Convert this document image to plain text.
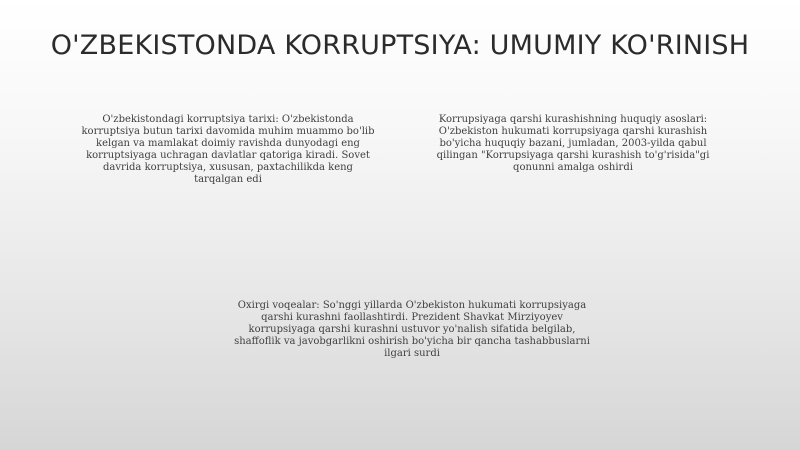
O'ZBEKISTONDA KORRUPTSIYA: UMUMIY KO'RINISH

O'zbekistondagi korruptsiya tarixi: O'zbekistonda korruptsiya butun tarixi davomida muhim muammo bo'lib kelgan va mamlakat doimiy ravishda dunyodagi eng korruptsiyaga uchragan davlatlar qatoriga kiradi. Sovet davrida korruptsiya, xususan, paxtachilikda keng tarqalgan edi

Korrupsiyaga qarshi kurashishning huquqiy asoslari: O'zbekiston hukumati korrupsiyaga qarshi kurashish bo'yicha huquqiy bazani, jumladan, 2003-yilda qabul qilingan "Korrupsiyaga qarshi kurashish to'g'risida"gi qonunni amalga oshirdi

Oxirgi voqealar: So'nggi yillarda O'zbekiston hukumati korrupsiyaga qarshi kurashni faollashtirdi. Prezident Shavkat Mirziyoyev korrupsiyaga qarshi kurashni ustuvor yo'nalish sifatida belgilab, shaffoflik va javobgarlikni oshirish bo'yicha bir qancha tashabbuslarni ilgari surdi
